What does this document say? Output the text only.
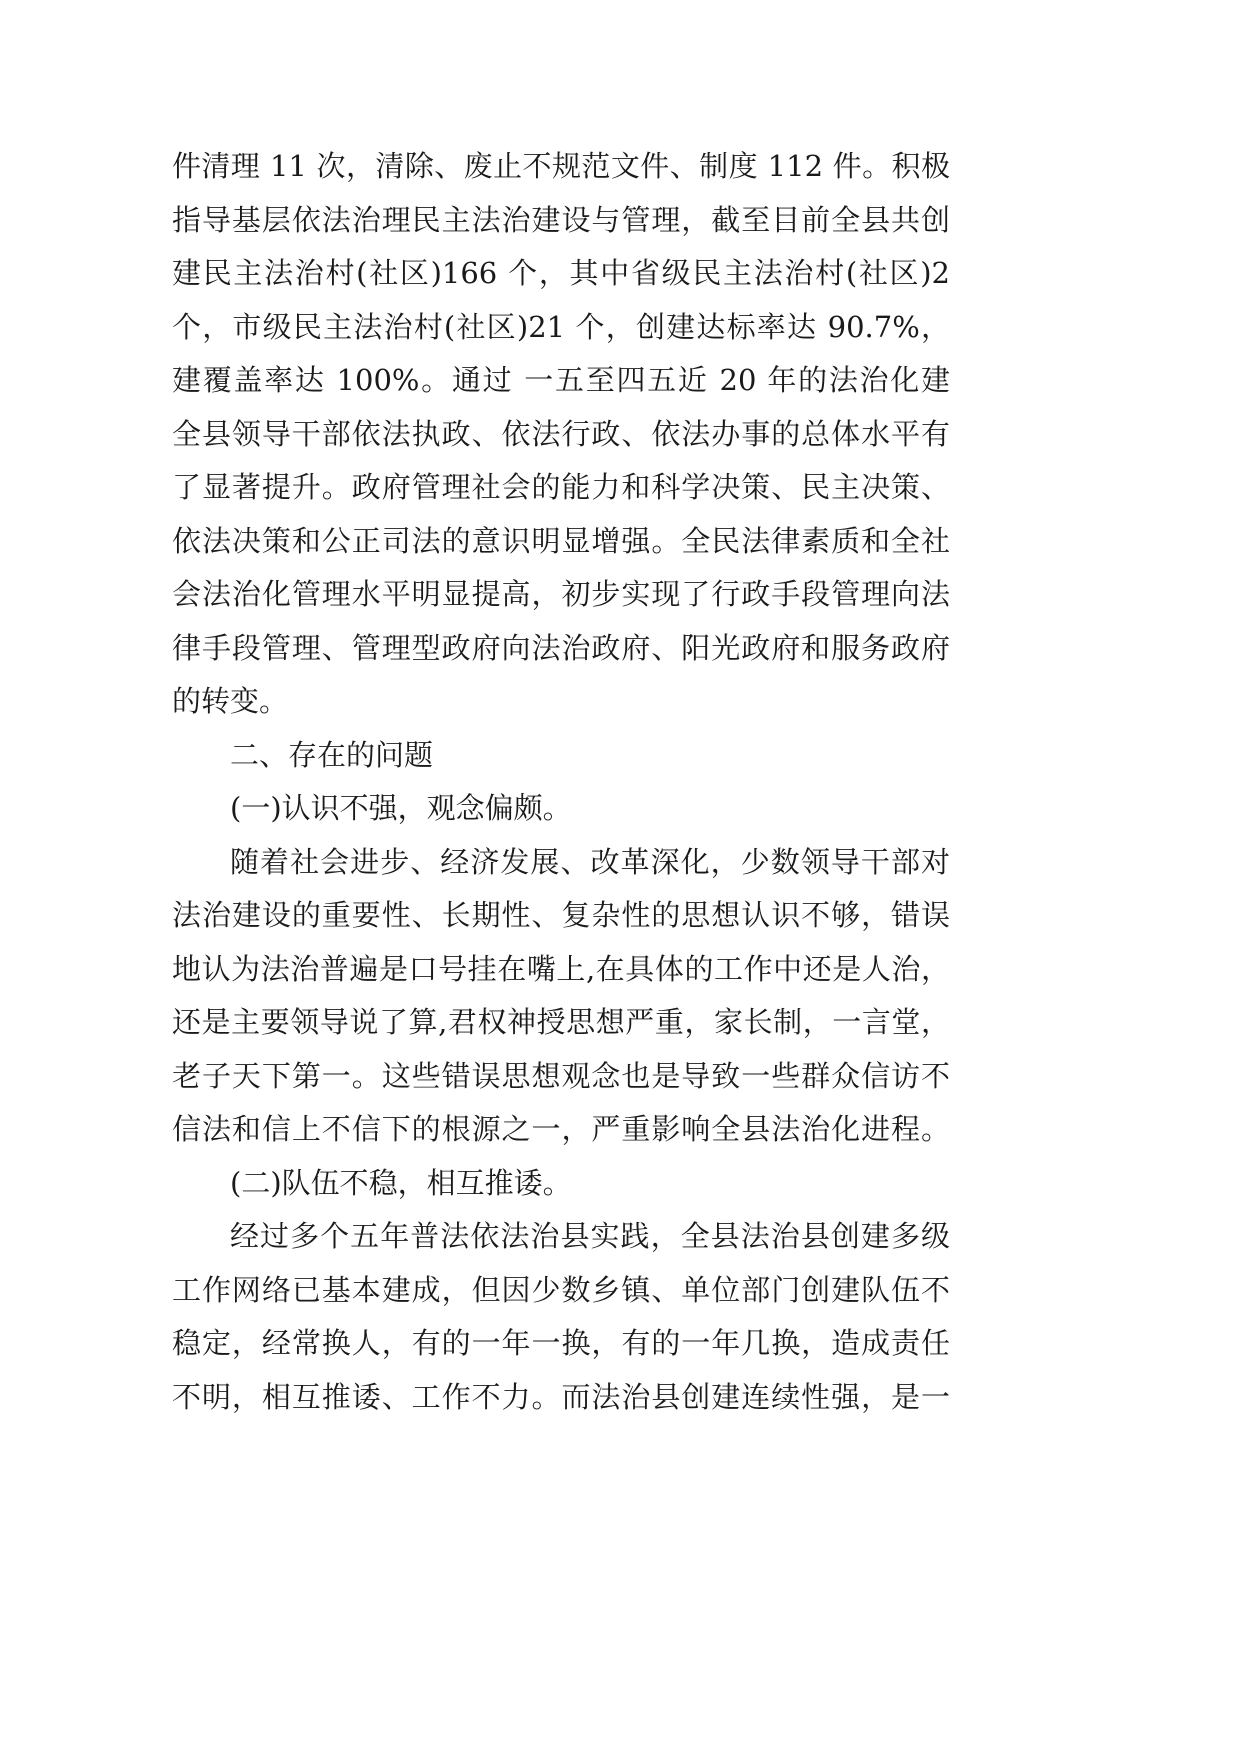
件清理 11 次，清除、废止不规范文件、制度 112 件。积极
指导基层依法治理民主法治建设与管理，截至目前全县共创
建民主法治村(社区)166 个，其中省级民主法治村(社区)2
个，市级民主法治村(社区)21 个，创建达标率达 90.7%，
建覆盖率达 100%。通过 一五至四五近 20 年的法治化建
全县领导干部依法执政、依法行政、依法办事的总体水平有
了显著提升。政府管理社会的能力和科学决策、民主决策、
依法决策和公正司法的意识明显增强。全民法律素质和全社
会法治化管理水平明显提高，初步实现了行政手段管理向法
律手段管理、管理型政府向法治政府、阳光政府和服务政府
的转变。
二、存在的问题
(一)认识不强，观念偏颇。
随着社会进步、经济发展、改革深化，少数领导干部对
法治建设的重要性、长期性、复杂性的思想认识不够，错误
地认为法治普遍是口号挂在嘴上,在具体的工作中还是人治，
还是主要领导说了算,君权神授思想严重，家长制，一言堂，
老子天下第一。这些错误思想观念也是导致一些群众信访不
信法和信上不信下的根源之一，严重影响全县法治化进程。
(二)队伍不稳，相互推诿。
经过多个五年普法依法治县实践，全县法治县创建多级
工作网络已基本建成，但因少数乡镇、单位部门创建队伍不
稳定，经常换人，有的一年一换，有的一年几换，造成责任
不明，相互推诿、工作不力。而法治县创建连续性强，是一
